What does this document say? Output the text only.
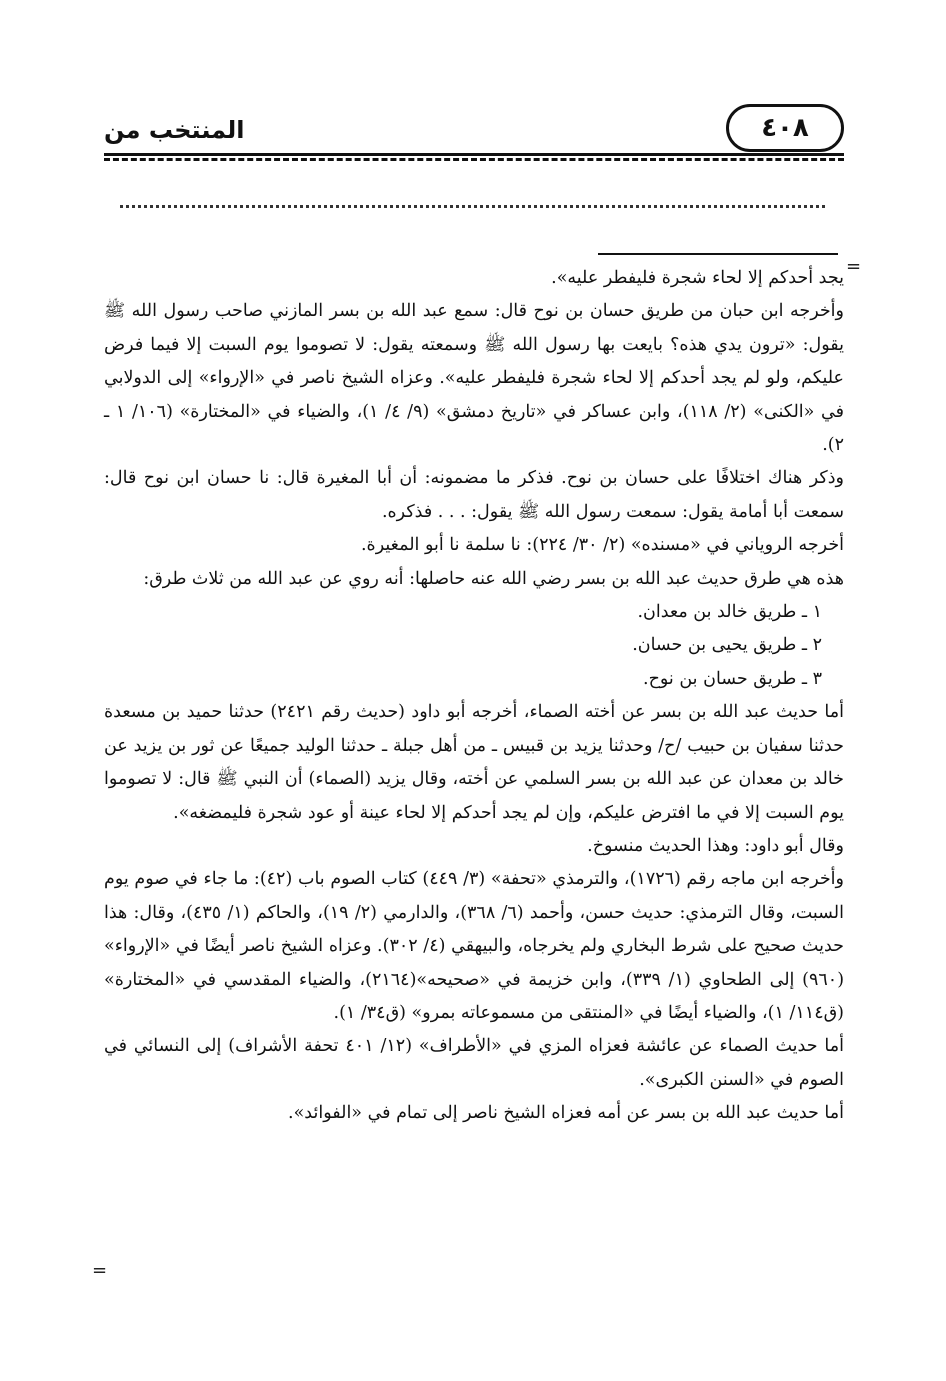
٤٠٨
المنتخب من
=
=

يجد أحدكم إلا لحاء شجرة فليفطر عليه».

وأخرجه ابن حبان من طريق حسان بن نوح قال: سمع عبد الله بن بسر المازني صاحب رسول الله ﷺ يقول: «ترون يدي هذه؟ بايعت بها رسول الله ﷺ وسمعته يقول: لا تصوموا يوم السبت إلا فيما فرض عليكم، ولو لم يجد أحدكم إلا لحاء شجرة فليفطر عليه». وعزاه الشيخ ناصر في «الإرواء» إلى الدولابي في «الكنى» (٢/ ١١٨)، وابن عساكر في «تاريخ دمشق» (٩/ ٤/ ١)، والضياء في «المختارة» (١٠٦/ ١ ـ ٢).

وذكر هناك اختلافًا على حسان بن نوح. فذكر ما مضمونه: أن أبا المغيرة قال: نا حسان ابن نوح قال: سمعت أبا أمامة يقول: سمعت رسول الله ﷺ يقول: . . . فذكره.

أخرجه الروياني في «مسنده» (٢/ ٣٠/ ٢٢٤): نا سلمة نا أبو المغيرة.

هذه هي طرق حديث عبد الله بن بسر رضي الله عنه حاصلها: أنه روي عن عبد الله من ثلاث طرق:

١ ـ طريق خالد بن معدان.

٢ ـ طريق يحيى بن حسان.

٣ ـ طريق حسان بن نوح.

أما حديث عبد الله بن بسر عن أخته الصماء، أخرجه أبو داود (حديث رقم ٢٤٢١) حدثنا حميد بن مسعدة حدثنا سفيان بن حبيب /ح/ وحدثنا يزيد بن قبيس ـ من أهل جبلة ـ حدثنا الوليد جميعًا عن ثور بن يزيد عن خالد بن معدان عن عبد الله بن بسر السلمي عن أخته، وقال يزيد (الصماء) أن النبي ﷺ قال: لا تصوموا يوم السبت إلا في ما افترض عليكم، وإن لم يجد أحدكم إلا لحاء عينة أو عود شجرة فليمضغه».

وقال أبو داود: وهذا الحديث منسوخ.

وأخرجه ابن ماجه رقم (١٧٢٦)، والترمذي «تحفة» (٣/ ٤٤٩) كتاب الصوم باب (٤٢): ما جاء في صوم يوم السبت، وقال الترمذي: حديث حسن، وأحمد (٦/ ٣٦٨)، والدارمي (٢/ ١٩)، والحاكم (١/ ٤٣٥)، وقال: هذا حديث صحيح على شرط البخاري ولم يخرجاه، والبيهقي (٤/ ٣٠٢). وعزاه الشيخ ناصر أيضًا في «الإرواء» (٩٦٠) إلى الطحاوي (١/ ٣٣٩)، وابن خزيمة في «صحيحه»(٢١٦٤)، والضياء المقدسي في «المختارة» (ق١١٤/ ١)، والضياء أيضًا في «المنتقى من مسموعاته بمرو» (ق٣٤/ ١).

أما حديث الصماء عن عائشة فعزاه المزي في «الأطراف» (١٢/ ٤٠١ تحفة الأشراف) إلى النسائي في الصوم في «السنن الكبرى».

أما حديث عبد الله بن بسر عن أمه فعزاه الشيخ ناصر إلى تمام في «الفوائد».
